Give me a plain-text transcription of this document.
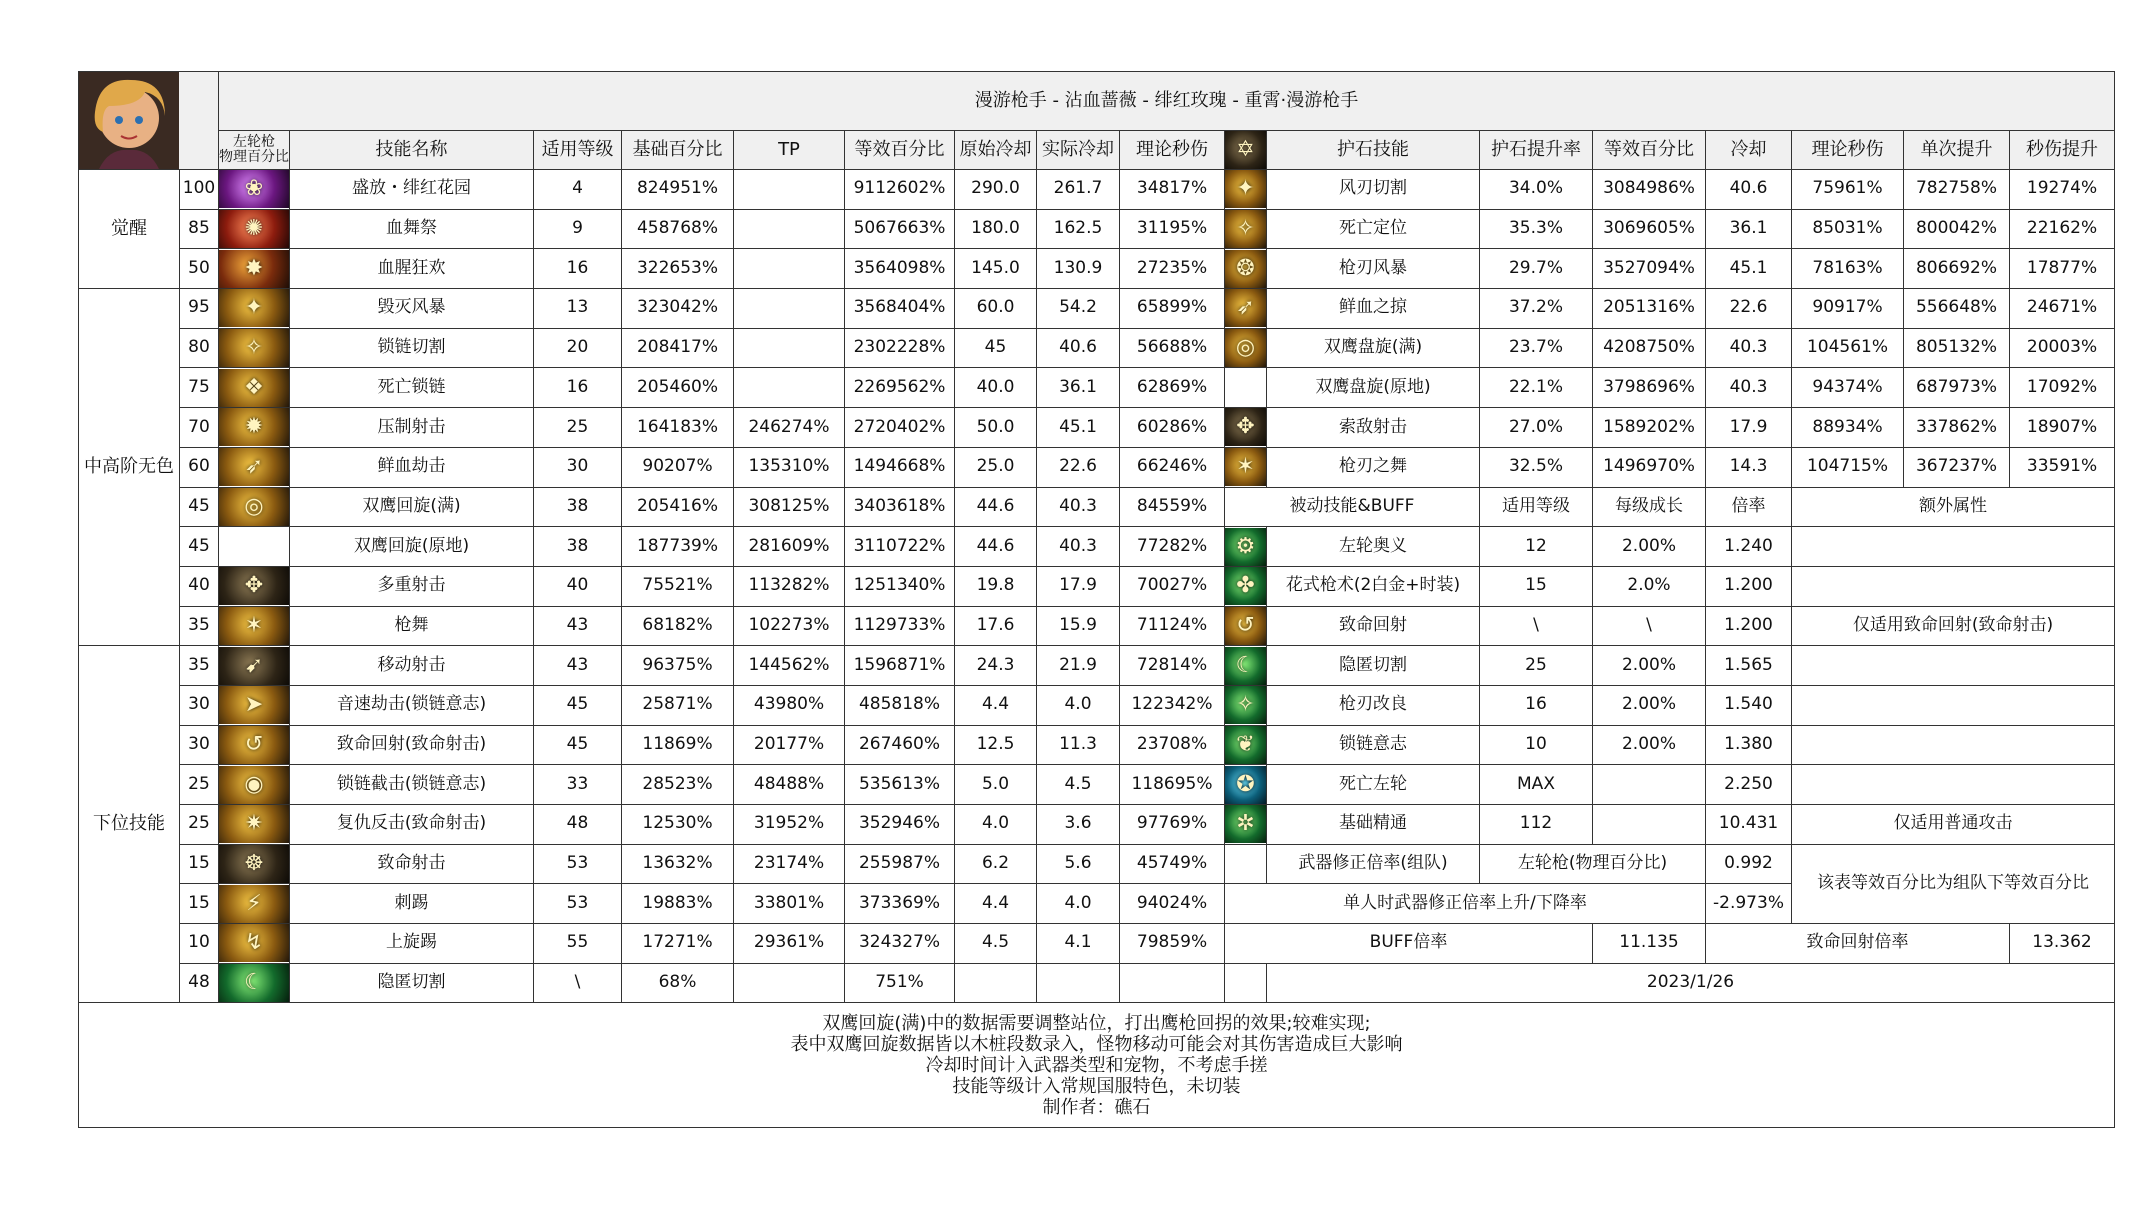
	漫游枪手 - 沾血蔷薇 - 绯红玫瑰 - 重霄·漫游枪手																
		左轮枪
物理百分比	技能名称	适用等级	基础百分比	TP	等效百分比	原始冷却	实际冷却	理论秒伤	✡	护石技能	护石提升率	等效百分比	冷却	理论秒伤	单次提升	秒伤提升
觉醒	100	❀	盛放・绯红花园	4	824951%		9112602%	290.0	261.7	34817%	✦	风刃切割	34.0%	3084986%	40.6	75961%	782758%	19274%
	85	✺	血舞祭	9	458768%		5067663%	180.0	162.5	31195%	✧	死亡定位	35.3%	3069605%	36.1	85031%	800042%	22162%
	50	✸	血腥狂欢	16	322653%		3564098%	145.0	130.9	27235%	❂	枪刃风暴	29.7%	3527094%	45.1	78163%	806692%	17877%
中高阶无色	95	✦	毁灭风暴	13	323042%		3568404%	60.0	54.2	65899%	➶	鲜血之掠	37.2%	2051316%	22.6	90917%	556648%	24671%
	80	✧	锁链切割	20	208417%		2302228%	45	40.6	56688%	◎	双鹰盘旋(满)	23.7%	4208750%	40.3	104561%	805132%	20003%
	75	❖	死亡锁链	16	205460%		2269562%	40.0	36.1	62869%		双鹰盘旋(原地)	22.1%	3798696%	40.3	94374%	687973%	17092%
	70	✹	压制射击	25	164183%	246274%	2720402%	50.0	45.1	60286%	✥	索敌射击	27.0%	1589202%	17.9	88934%	337862%	18907%
	60	➶	鲜血劫击	30	90207%	135310%	1494668%	25.0	22.6	66246%	✶	枪刃之舞	32.5%	1496970%	14.3	104715%	367237%	33591%
	45	◎	双鹰回旋(满)	38	205416%	308125%	3403618%	44.6	40.3	84559%	被动技能&BUFF		适用等级	每级成长	倍率	额外属性		
	45		双鹰回旋(原地)	38	187739%	281609%	3110722%	44.6	40.3	77282%	⚙	左轮奥义	12	2.00%	1.240			
	40	✥	多重射击	40	75521%	113282%	1251340%	19.8	17.9	70027%	✤	花式枪术(2白金+时装)	15	2.0%	1.200			
	35	✶	枪舞	43	68182%	102273%	1129733%	17.6	15.9	71124%	↺	致命回射	\	\	1.200	仅适用致命回射(致命射击)		
下位技能	35	➹	移动射击	43	96375%	144562%	1596871%	24.3	21.9	72814%	☾	隐匿切割	25	2.00%	1.565			
	30	➤	音速劫击(锁链意志)	45	25871%	43980%	485818%	4.4	4.0	122342%	✧	枪刃改良	16	2.00%	1.540			
	30	↺	致命回射(致命射击)	45	11869%	20177%	267460%	12.5	11.3	23708%	❦	锁链意志	10	2.00%	1.380			
	25	◉	锁链截击(锁链意志)	33	28523%	48488%	535613%	5.0	4.5	118695%	✪	死亡左轮	MAX		2.250			
	25	✷	复仇反击(致命射击)	48	12530%	31952%	352946%	4.0	3.6	97769%	✲	基础精通	112		10.431	仅适用普通攻击		
	15	☸	致命射击	53	13632%	23174%	255987%	6.2	5.6	45749%		武器修正倍率(组队)	左轮枪(物理百分比)		0.992	该表等效百分比为组队下等效百分比		
	15	⚡	刺踢	53	19883%	33801%	373369%	4.4	4.0	94024%	单人时武器修正倍率上升/下降率				-2.973%			
	10	↯	上旋踢	55	17271%	29361%	324327%	4.5	4.1	79859%	BUFF倍率			11.135	致命回射倍率			13.362
	48	☾	隐匿切割	\	68%		751%					2023/1/26						

双鹰回旋(满)中的数据需要调整站位，打出鹰枪回拐的效果;较难实现;
表中双鹰回旋数据皆以木桩段数录入，怪物移动可能会对其伤害造成巨大影响
冷却时间计入武器类型和宠物，不考虑手搓
技能等级计入常规国服特色，未切装
制作者：礁石																		
